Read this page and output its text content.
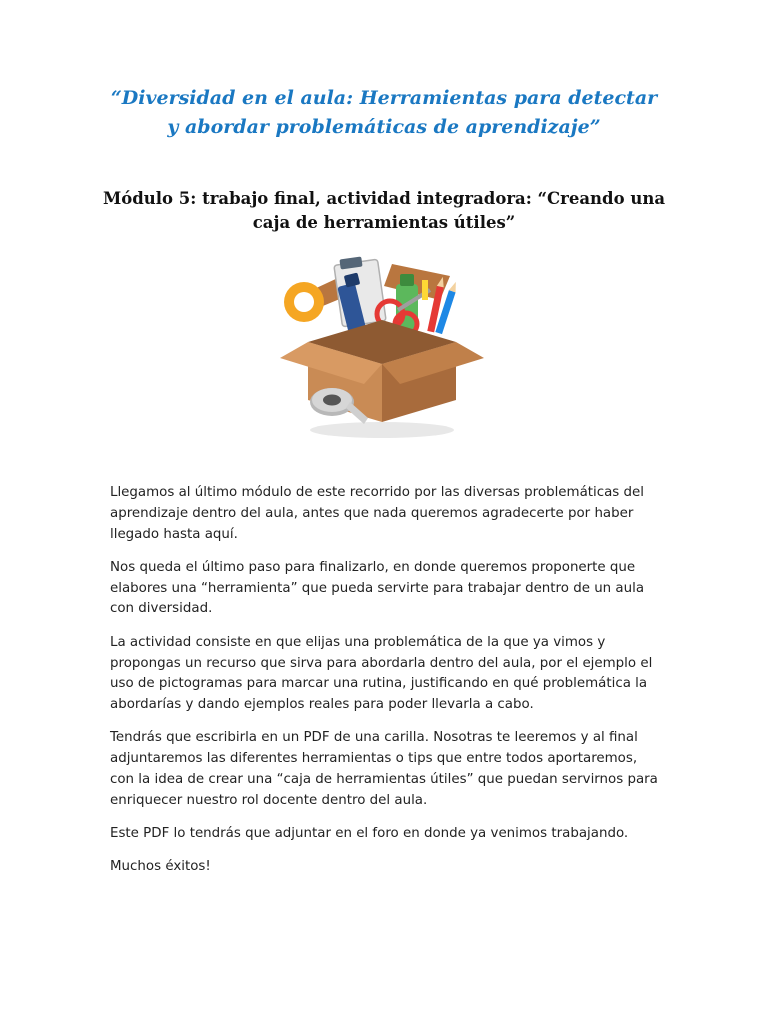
“Diversidad en el aula: Herramientas para detectar y abordar problemáticas de aprendizaje”
Módulo 5: trabajo final, actividad integradora: “Creando una caja de herramientas útiles”

Llegamos al último módulo de este recorrido por las diversas problemáticas del aprendizaje dentro del aula, antes que nada queremos agradecerte por haber llegado hasta aquí.

Nos queda el último paso para finalizarlo, en donde queremos proponerte que elabores una “herramienta” que pueda servirte para trabajar dentro de un aula con diversidad.

La actividad consiste en que elijas una problemática de la que ya vimos y propongas un recurso que sirva para abordarla dentro del aula, por el ejemplo el uso de pictogramas para marcar una rutina, justificando en qué problemática la abordarías y dando ejemplos reales para poder llevarla a cabo.

Tendrás que escribirla en un PDF de una carilla. Nosotras te leeremos y al final adjuntaremos las diferentes herramientas o tips que entre todos aportaremos, con la idea de crear una “caja de herramientas útiles” que puedan servirnos para enriquecer nuestro rol docente dentro del aula.

Este PDF lo tendrás que adjuntar en el foro en donde ya venimos trabajando.

Muchos éxitos!
